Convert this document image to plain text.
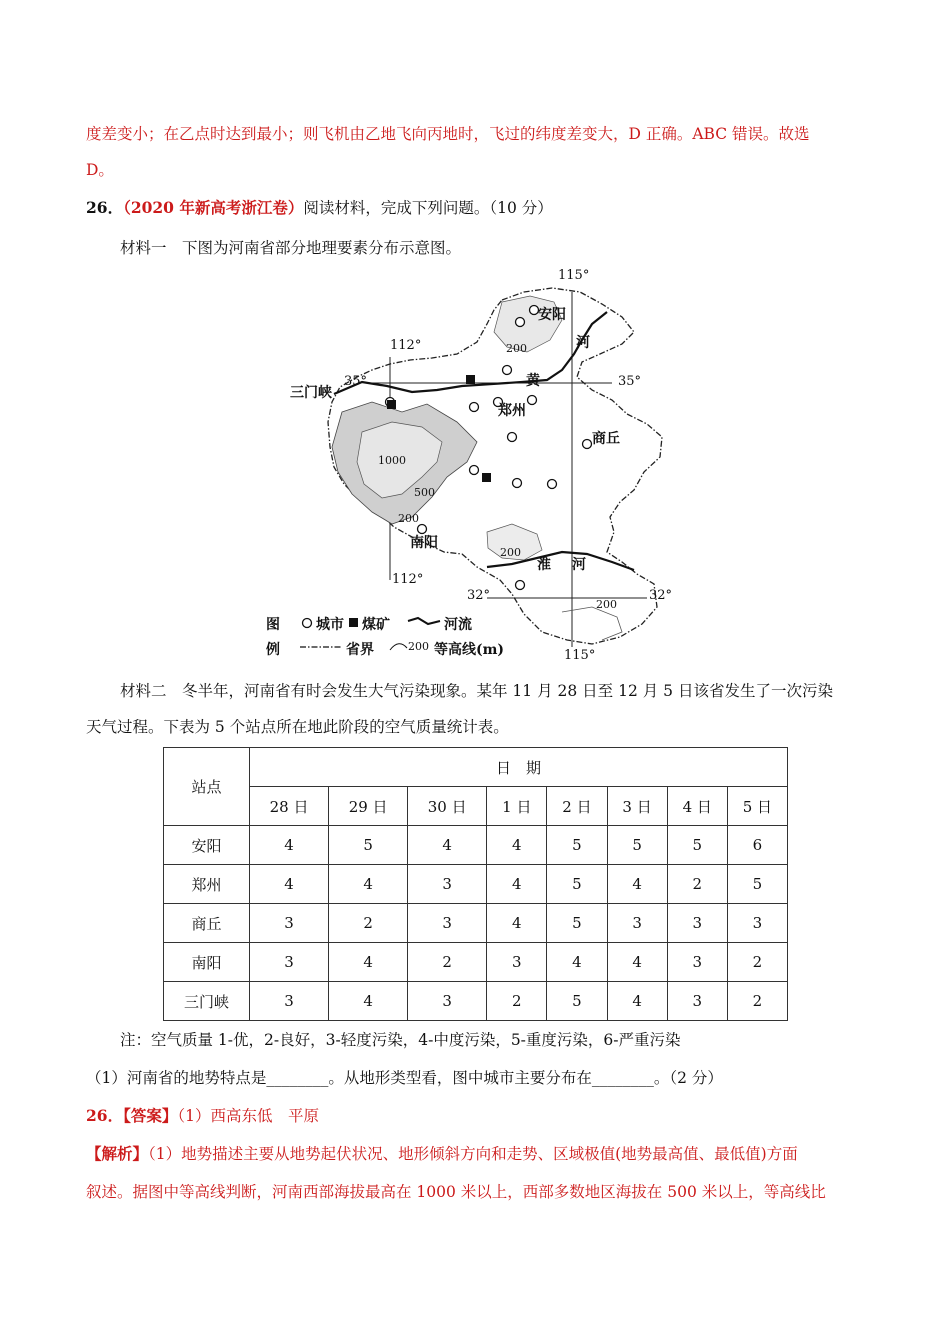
度差变小；在乙点时达到最小；则飞机由乙地飞向丙地时，飞过的纬度差变大，D 正确。ABC 错误。故选
D。
26．（2020 年新高考浙江卷）阅读材料，完成下列问题。（10 分）
材料一　下图为河南省部分地理要素分布示意图。
115°
112°
35°	35°
32°	32°
112°
115°
安阳
郑州
商丘
南阳
三门峡
黄
河
淮 河
200
1000
500
200
200
200
图
例
城市 煤矿	河流
省界	200 等高线(m)
材料二　冬半年，河南省有时会发生大气污染现象。某年 11 月 28 日至 12 月 5 日该省发生了一次污染
天气过程。下表为 5 个站点所在地此阶段的空气质量统计表。
站点	日　期							
	28 日	29 日	30 日	1 日	2 日	3 日	4 日	5 日
安阳	4	5	4	4	5	5	5	6
郑州	4	4	3	4	5	4	2	5
商丘	3	2	3	4	5	3	3	3
南阳	3	4	2	3	4	4	3	2
三门峡	3	4	3	2	5	4	3	2
注：空气质量 1-优，2-良好，3-轻度污染，4-中度污染，5-重度污染，6-严重污染
（1）河南省的地势特点是________。从地形类型看，图中城市主要分布在________。（2 分）
26．【答案】（1）西高东低　平原
【解析】（1）地势描述主要从地势起伏状况、地形倾斜方向和走势、区域极值(地势最高值、最低值)方面
叙述。据图中等高线判断，河南西部海拔最高在 1000 米以上，西部多数地区海拔在 500 米以上，等高线比
